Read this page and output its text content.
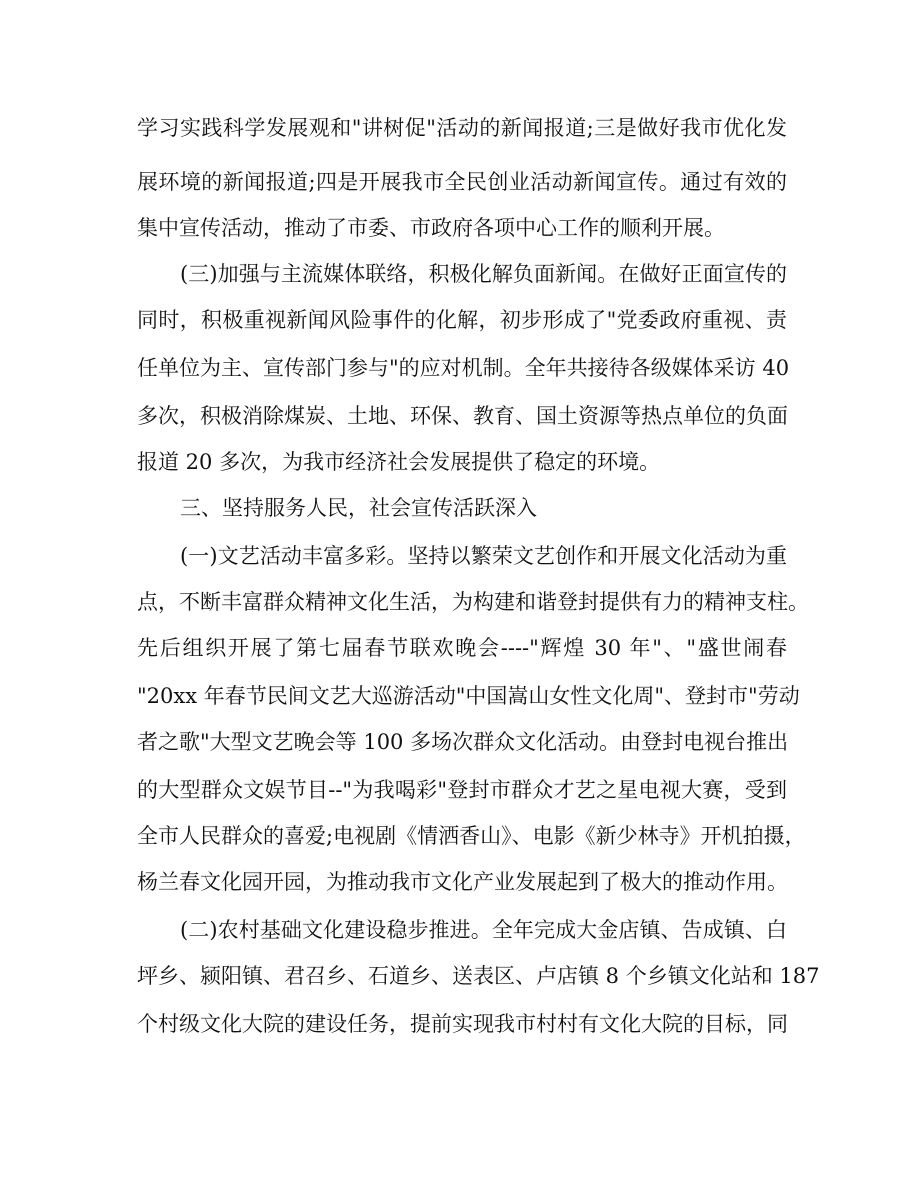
学习实践科学发展观和"讲树促"活动的新闻报道;三是做好我市优化发
展环境的新闻报道;四是开展我市全民创业活动新闻宣传。通过有效的
集中宣传活动，推动了市委、市政府各项中心工作的顺利开展。
(三)加强与主流媒体联络，积极化解负面新闻。在做好正面宣传的
同时，积极重视新闻风险事件的化解，初步形成了"党委政府重视、责
任单位为主、宣传部门参与"的应对机制。全年共接待各级媒体采访 40
多次，积极消除煤炭、土地、环保、教育、国土资源等热点单位的负面
报道 20 多次，为我市经济社会发展提供了稳定的环境。
三、坚持服务人民，社会宣传活跃深入
(一)文艺活动丰富多彩。坚持以繁荣文艺创作和开展文化活动为重
点，不断丰富群众精神文化生活，为构建和谐登封提供有力的精神支柱。
先后组织开展了第七届春节联欢晚会----"辉煌 30 年"、"盛世闹春
"20xx 年春节民间文艺大巡游活动"中国嵩山女性文化周"、登封市"劳动
者之歌"大型文艺晚会等 100 多场次群众文化活动。由登封电视台推出
的大型群众文娱节目--"为我喝彩"登封市群众才艺之星电视大赛，受到
全市人民群众的喜爱;电视剧《情洒香山》、电影《新少林寺》开机拍摄，
杨兰春文化园开园，为推动我市文化产业发展起到了极大的推动作用。
(二)农村基础文化建设稳步推进。全年完成大金店镇、告成镇、白
坪乡、颍阳镇、君召乡、石道乡、送表区、卢店镇 8 个乡镇文化站和 187
个村级文化大院的建设任务，提前实现我市村村有文化大院的目标，同
